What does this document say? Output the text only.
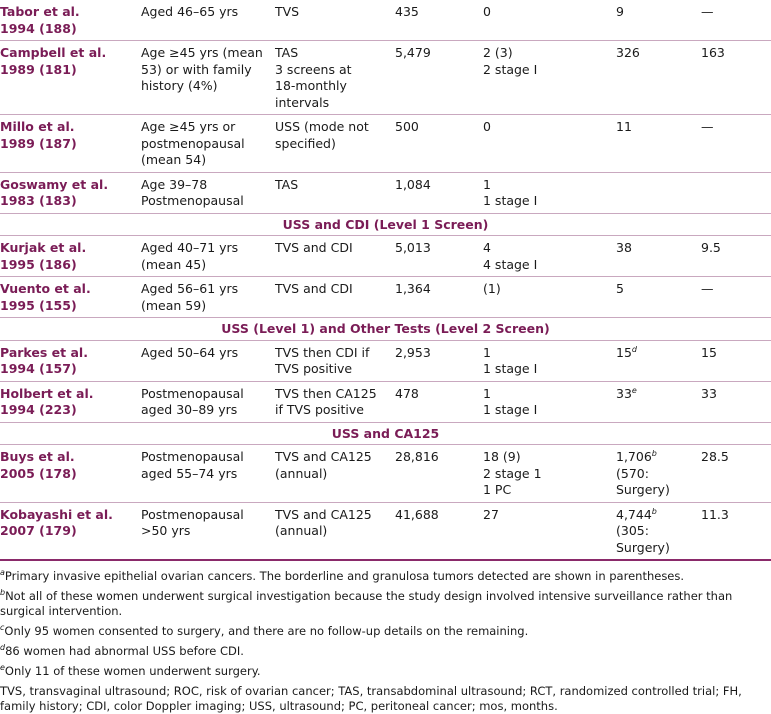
Tabor et al.
1994 (188)	Aged 46–65 yrs	TVS	435	0	9	—
Campbell et al.
1989 (181)	Age ≥45 yrs (mean
53) or with family
history (4%)	TAS
3 screens at
18-monthly
intervals	5,479	2 (3)
2 stage I	326	163
Millo et al.
1989 (187)	Age ≥45 yrs or
postmenopausal
(mean 54)	USS (mode not
specified)	500	0	11	—
Goswamy et al.
1983 (183)	Age 39–78
Postmenopausal	TAS	1,084	1
1 stage I		
USS and CDI (Level 1 Screen)						
Kurjak et al.
1995 (186)	Aged 40–71 yrs
(mean 45)	TVS and CDI	5,013	4
4 stage I	38	9.5
Vuento et al.
1995 (155)	Aged 56–61 yrs
(mean 59)	TVS and CDI	1,364	(1)	5	—
USS (Level 1) and Other Tests (Level 2 Screen)						
Parkes et al.
1994 (157)	Aged 50–64 yrs	TVS then CDI if
TVS positive	2,953	1
1 stage I	15$^d$	15
Holbert et al.
1994 (223)	Postmenopausal
aged 30–89 yrs	TVS then CA125
if TVS positive	478	1
1 stage I	33e	33
USS and CA125						
Buys et al.
2005 (178)	Postmenopausal
aged 55–74 yrs	TVS and CA125
(annual)	28,816	18 (9)
2 stage 1
1 PC	1,706$^b$
(570:
Surgery)	28.5
Kobayashi et al.
2007 (179)	Postmenopausal
>50 yrs	TVS and CA125
(annual)	41,688	27	4,744$^b$
(305:
Surgery)	11.3

$^a$Primary invasive epithelial ovarian cancers. The borderline and granulosa tumors detected are shown in parentheses.

$^b$Not all of these women underwent surgical investigation because the study design involved intensive surveillance rather than surgical intervention.

$^c$Only 95 women consented to surgery, and there are no follow-up details on the remaining.

$^d$86 women had abnormal USS before CDI.

$^e$Only 11 of these women underwent surgery.

TVS, transvaginal ultrasound; ROC, risk of ovarian cancer; TAS, transabdominal ultrasound; RCT, randomized controlled trial; FH, family history; CDI, color Doppler imaging; USS, ultrasound; PC, peritoneal cancer; mos, months.
